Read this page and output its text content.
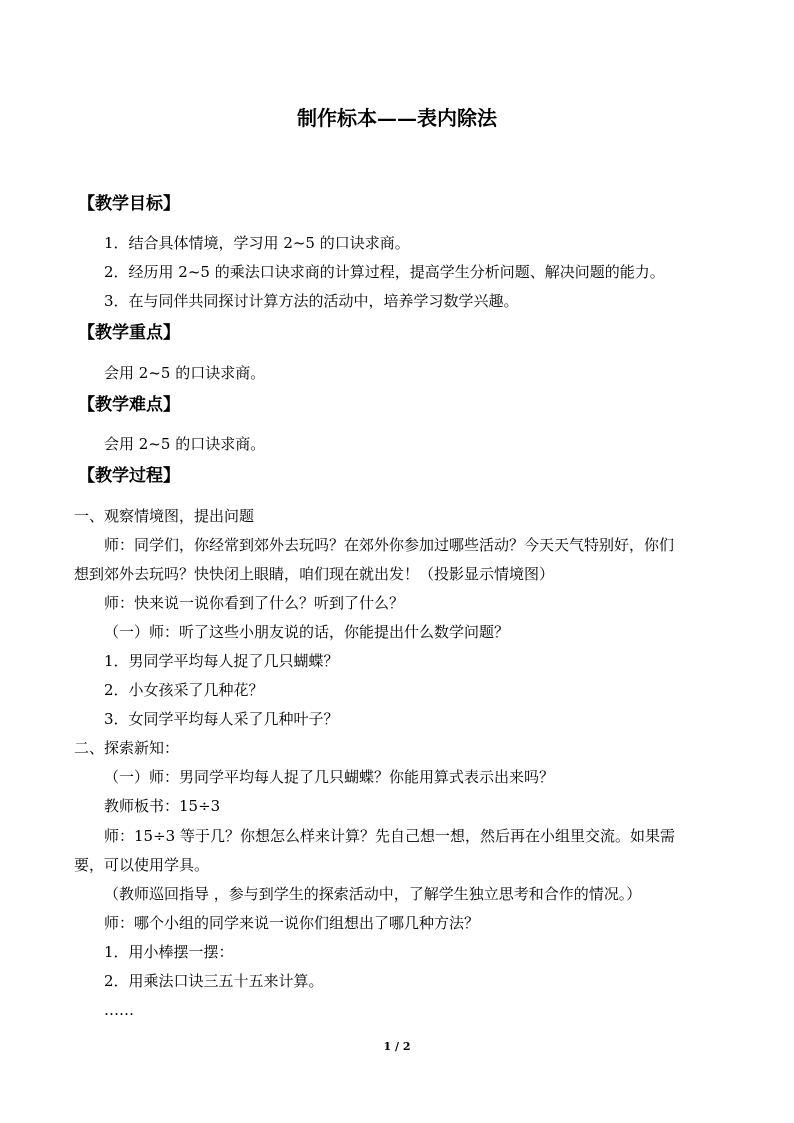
制作标本——表内除法
【教学目标】
1．结合具体情境，学习用 2~5 的口诀求商。
2．经历用 2~5 的乘法口诀求商的计算过程，提高学生分析问题、解决问题的能力。
3．在与同伴共同探讨计算方法的活动中，培养学习数学兴趣。
【教学重点】
会用 2~5 的口诀求商。
【教学难点】
会用 2~5 的口诀求商。
【教学过程】
一、观察情境图，提出问题
师：同学们，你经常到郊外去玩吗？在郊外你参加过哪些活动？今天天气特别好，你们
想到郊外去玩吗？快快闭上眼睛，咱们现在就出发！（投影显示情境图）
师：快来说一说你看到了什么？听到了什么？
（一）师：听了这些小朋友说的话，你能提出什么数学问题？
1．男同学平均每人捉了几只蝴蝶？
2．小女孩采了几种花？
3．女同学平均每人采了几种叶子？
二、探索新知：
（一）师：男同学平均每人捉了几只蝴蝶？你能用算式表示出来吗？
教师板书：15÷3
师：15÷3 等于几？你想怎么样来计算？先自己想一想，然后再在小组里交流。如果需
要，可以使用学具。
（教师巡回指导 ，参与到学生的探索活动中，了解学生独立思考和合作的情况。）
师：哪个小组的同学来说一说你们组想出了哪几种方法？
1．用小棒摆一摆：
2．用乘法口诀三五十五来计算。
……
1 / 2
